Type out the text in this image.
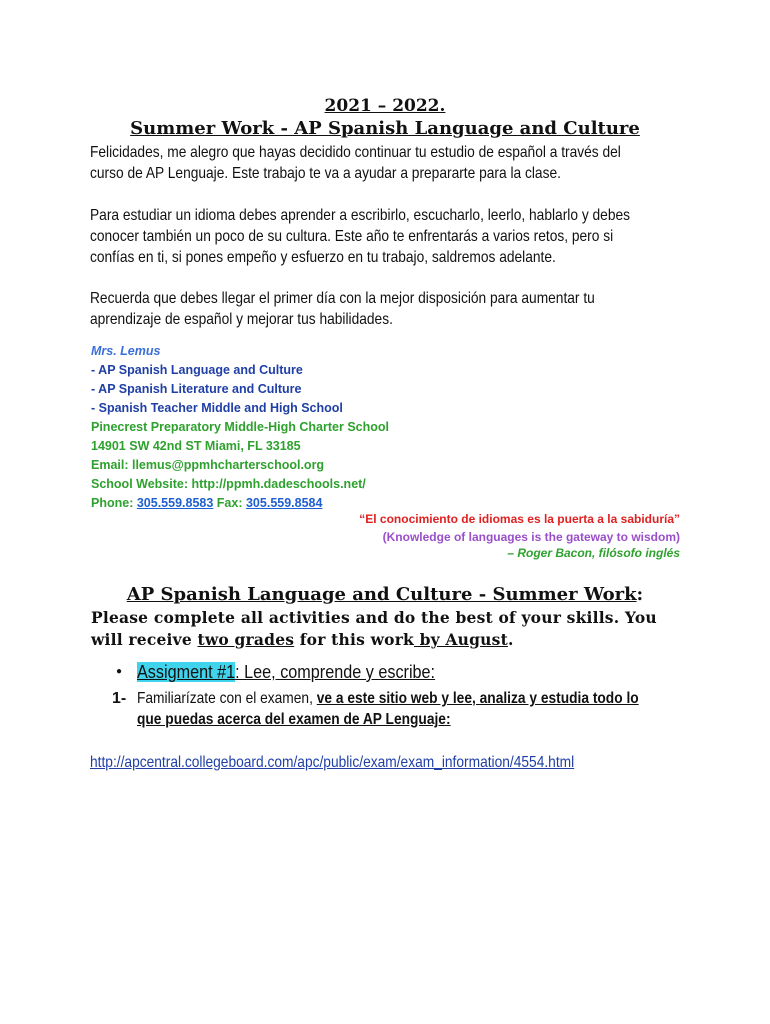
2021 – 2022.
Summer Work - AP Spanish Language and Culture
Felicidades, me alegro que hayas decidido continuar tu estudio de español a través del
curso de AP Lenguaje. Este trabajo te va a ayudar a prepararte para la clase.
Para estudiar un idioma debes aprender a escribirlo, escucharlo, leerlo, hablarlo y debes
conocer también un poco de su cultura. Este año te enfrentarás a varios retos, pero si
confías en ti, si pones empeño y esfuerzo en tu trabajo, saldremos adelante.
Recuerda que debes llegar el primer día con la mejor disposición para aumentar tu
aprendizaje de español y mejorar tus habilidades.
Mrs. Lemus
- AP Spanish Language and Culture
- AP Spanish Literature and Culture
- Spanish Teacher Middle and High School
Pinecrest Preparatory Middle-High Charter School
14901 SW 42nd ST Miami, FL 33185
Email: llemus@ppmhcharterschool.org
School Website: http://ppmh.dadeschools.net/
Phone: 305.559.8583 Fax: 305.559.8584
“El conocimiento de idiomas es la puerta a la sabiduría”
(Knowledge of languages is the gateway to wisdom)
– Roger Bacon, filósofo inglés
AP Spanish Language and Culture - Summer Work:
Please complete all activities and do the best of your skills. You
will receive two grades for this work by August.
● Assigment #1: Lee, comprende y escribe:
1- Familiarízate con el examen, ve a este sitio web y lee, analiza y estudia todo lo
que puedas acerca del examen de AP Lenguaje:
http://apcentral.collegeboard.com/apc/public/exam/exam_information/4554.html
